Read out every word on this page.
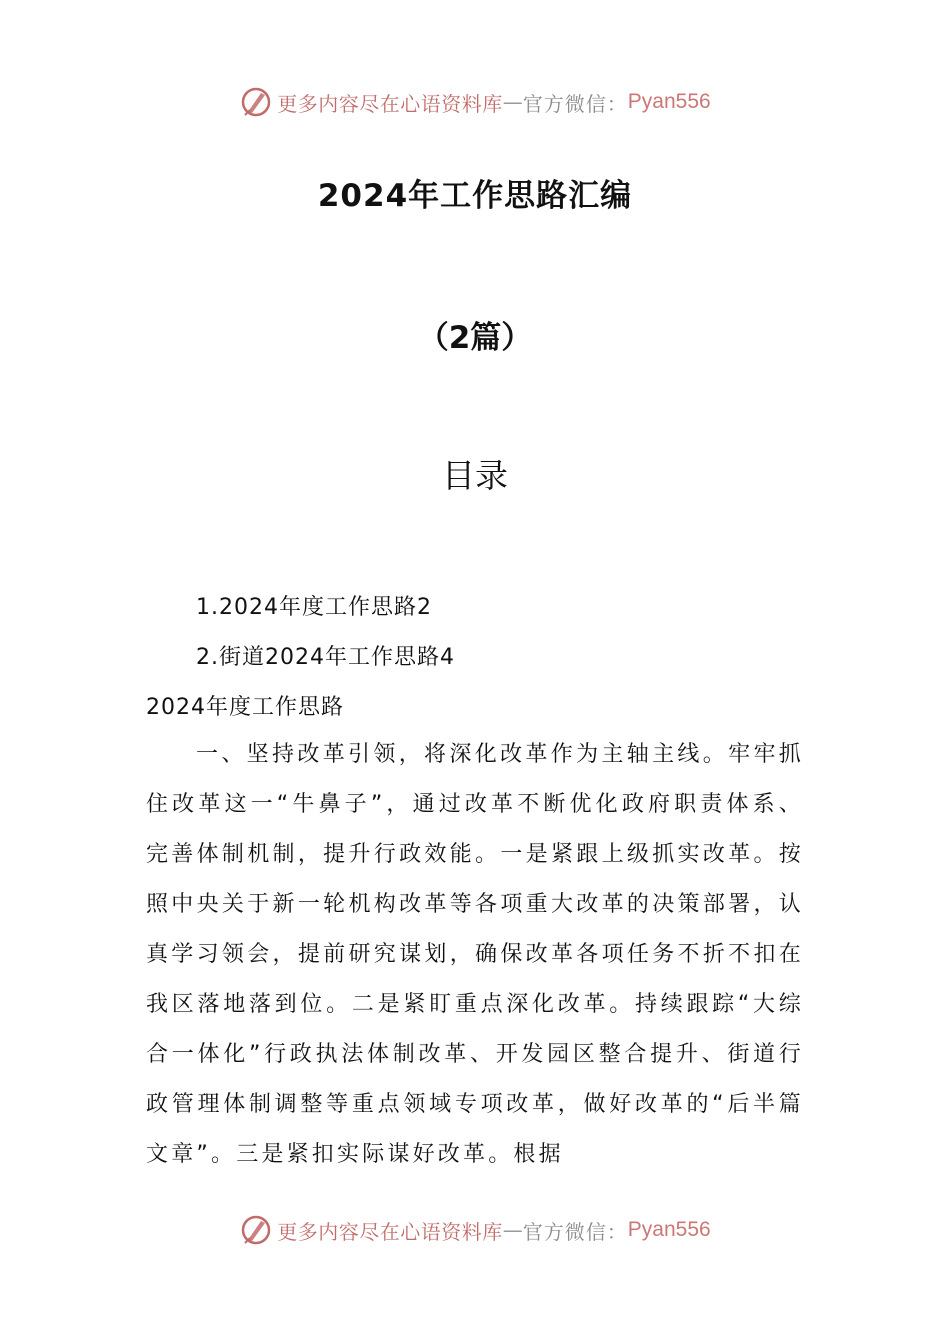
更多内容尽在心语资料库 — 官方微信： Pyan556
2024年工作思路汇编
（2篇）
目录
1.2024年度工作思路2
2.街道2024年工作思路4
2024年度工作思路

一、坚持改革引领，将深化改革作为主轴主线。牢牢抓住改革这一“牛鼻子”，通过改革不断优化政府职责体系、完善体制机制，提升行政效能。一是紧跟上级抓实改革。按照中央关于新一轮机构改革等各项重大改革的决策部署，认真学习领会，提前研究谋划，确保改革各项任务不折不扣在我区落地落到位。二是紧盯重点深化改革。持续跟踪“大综合一体化”行政执法体制改革、开发园区整合提升、街道行政管理体制调整等重点领域专项改革，做好改革的“后半篇文章”。三是紧扣实际谋好改革。根据

更多内容尽在心语资料库 — 官方微信： Pyan556
